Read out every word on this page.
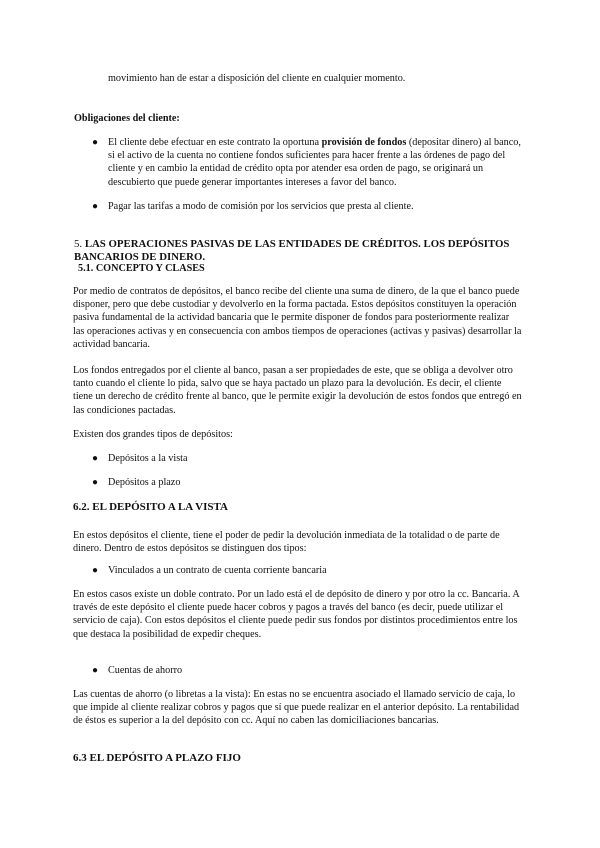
movimiento han de estar a disposición del cliente en cualquier momento.
Obligaciones del cliente:
● El cliente debe efectuar en este contrato la oportuna provisión de fondos (depositar dinero) al banco, si el activo de la cuenta no contiene fondos suficientes para hacer frente a las órdenes de pago del cliente y en cambio la entidad de crédito opta por atender esa orden de pago, se originará un descubierto que puede generar importantes intereses a favor del banco.
● Pagar las tarifas a modo de comisión por los servicios que presta al cliente.
5. LAS OPERACIONES PASIVAS DE LAS ENTIDADES DE CRÉDITOS. LOS DEPÓSITOS BANCARIOS DE DINERO.
5.1. CONCEPTO Y CLASES
Por medio de contratos de depósitos, el banco recibe del cliente una suma de dinero, de la que el banco puede disponer, pero que debe custodiar y devolverlo en la forma pactada. Estos depósitos constituyen la operación pasiva fundamental de la actividad bancaria que le permite disponer de fondos para posteriormente realizar las operaciones activas y en consecuencia con ambos tiempos de operaciones (activas y pasivas) desarrollar la actividad bancaria.
Los fondos entregados por el cliente al banco, pasan a ser propiedades de este, que se obliga a devolver otro tanto cuando el cliente lo pida, salvo que se haya pactado un plazo para la devolución. Es decir, el cliente tiene un derecho de crédito frente al banco, que le permite exigir la devolución de estos fondos que entregó en las condiciones pactadas.
Existen dos grandes tipos de depósitos:
● Depósitos a la vista
● Depósitos a plazo
6.2. EL DEPÓSITO A LA VISTA
En estos depósitos el cliente, tiene el poder de pedir la devolución inmediata de la totalidad o de parte de dinero. Dentro de estos depósitos se distinguen dos tipos:
● Vinculados a un contrato de cuenta corriente bancaria
En estos casos existe un doble contrato. Por un lado está el de depósito de dinero y por otro la cc. Bancaria. A través de este depósito el cliente puede hacer cobros y pagos a través del banco (es decir, puede utilizar el servicio de caja). Con estos depósitos el cliente puede pedir sus fondos por distintos procedimientos entre los que destaca la posibilidad de expedir cheques.
● Cuentas de ahorro
Las cuentas de ahorro (o libretas a la vista): En estas no se encuentra asociado el llamado servicio de caja, lo que impide al cliente realizar cobros y pagos que sí que puede realizar en el anterior depósito. La rentabilidad de éstos es superior a la del depósito con cc. Aquí no caben las domiciliaciones bancarias.
6.3 EL DEPÓSITO A PLAZO FIJO
